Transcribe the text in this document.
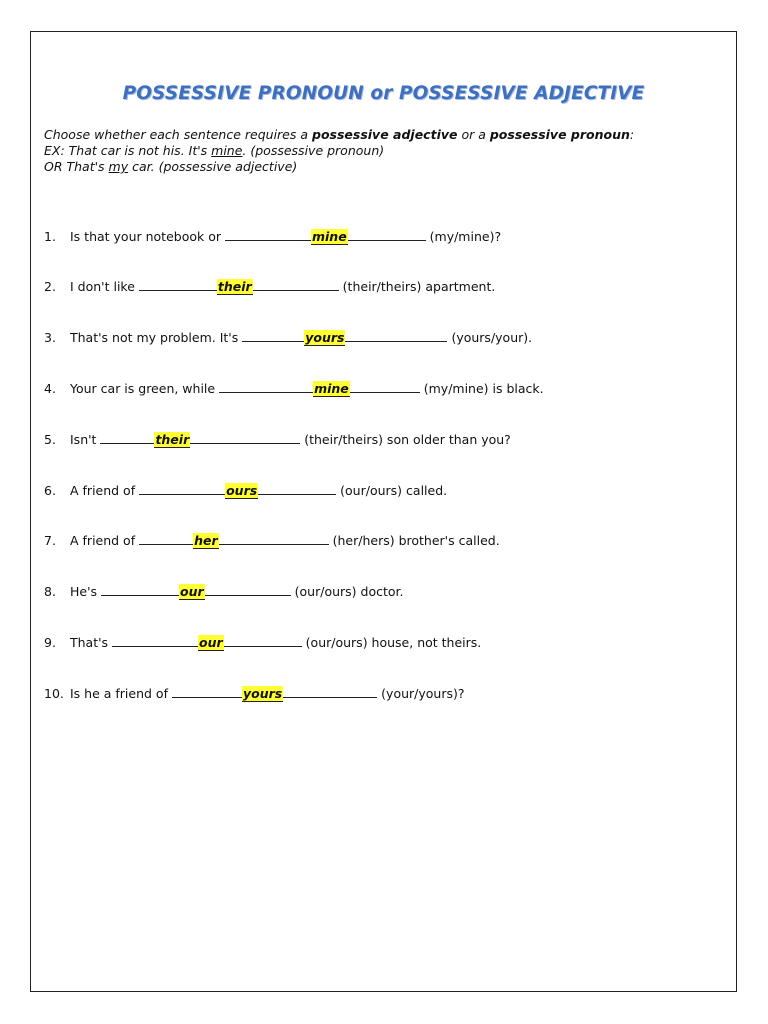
POSSESSIVE PRONOUN or POSSESSIVE ADJECTIVE
Choose whether each sentence requires a possessive adjective or a possessive pronoun:
EX: That car is not his. It's mine. (possessive pronoun)
OR That's my car. (possessive adjective)
1. Is that your notebook or	mine	(my/mine)?
2. I don't like	their	(their/theirs) apartment.
3. That's not my problem. It's	yours	(yours/your).
4. Your car is green, while	mine	(my/mine) is black.
5. Isn't	their	(their/theirs) son older than you?
6. A friend of	ours	(our/ours) called.
7. A friend of	her	(her/hers) brother's called.
8. He's	our	(our/ours) doctor.
9. That's	our	(our/ours) house, not theirs.
10. Is he a friend of	yours	(your/yours)?
